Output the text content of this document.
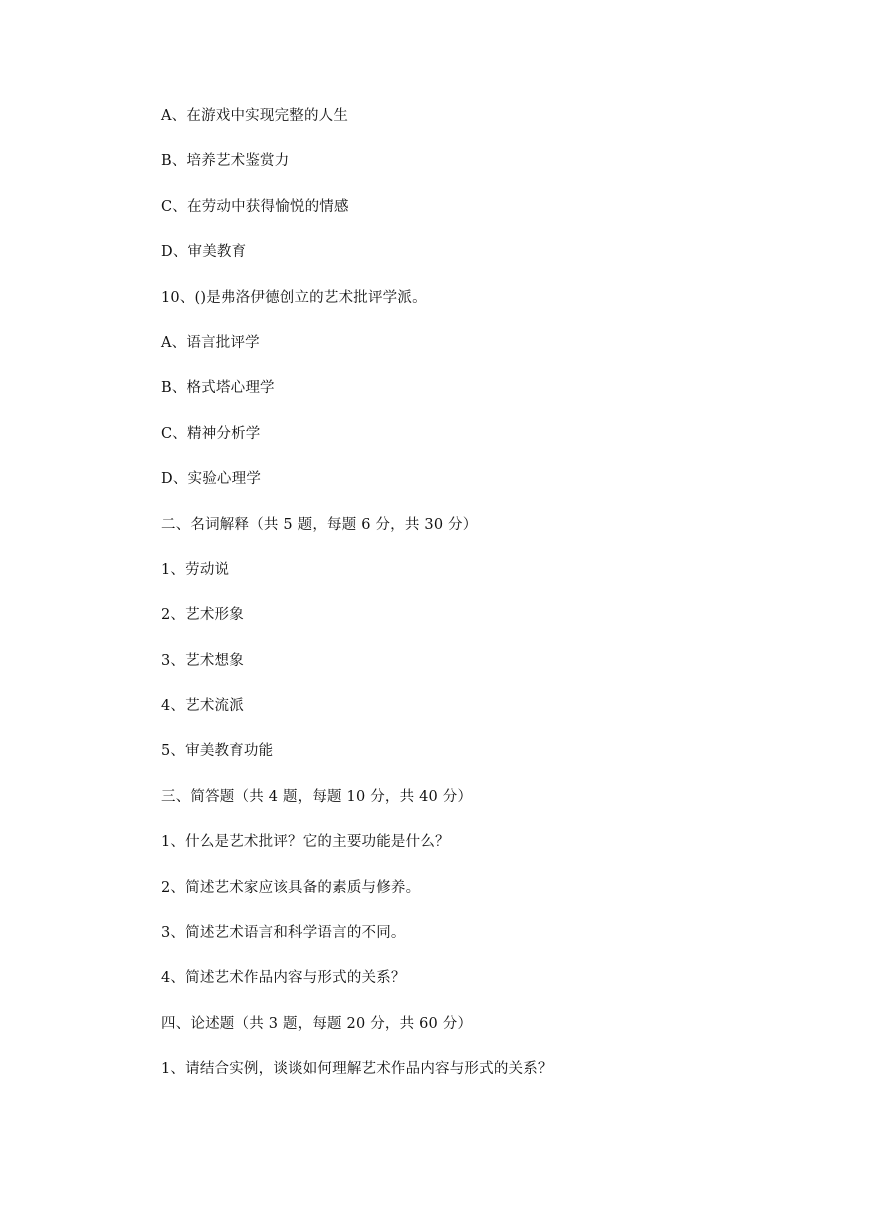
A、在游戏中实现完整的人生
B、培养艺术鉴赏力
C、在劳动中获得愉悦的情感
D、审美教育
10、()是弗洛伊德创立的艺术批评学派。
A、语言批评学
B、格式塔心理学
C、精神分析学
D、实验心理学
二、名词解释（共 5 题，每题 6 分，共 30 分）
1、劳动说
2、艺术形象
3、艺术想象
4、艺术流派
5、审美教育功能
三、简答题（共 4 题，每题 10 分，共 40 分）
1、什么是艺术批评？它的主要功能是什么？
2、简述艺术家应该具备的素质与修养。
3、简述艺术语言和科学语言的不同。
4、简述艺术作品内容与形式的关系？
四、论述题（共 3 题，每题 20 分，共 60 分）
1、请结合实例，谈谈如何理解艺术作品内容与形式的关系？
